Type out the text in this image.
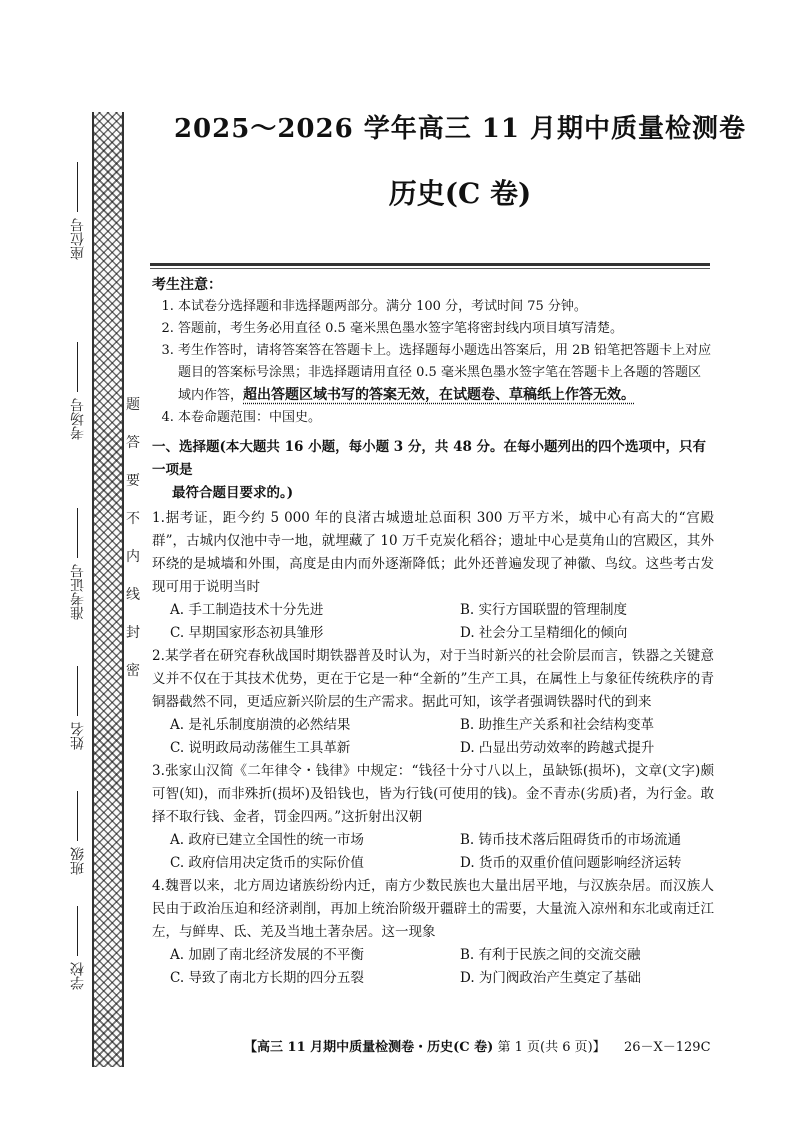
座位号
考场号
准考证号
姓名
班级
学校
密
封
线
内
不
要
答
题
2025～2026 学年高三 11 月期中质量检测卷
历史(C 卷)

考生注意：

1. 本试卷分选择题和非选择题两部分。满分 100 分，考试时间 75 分钟。
2. 答题前，考生务必用直径 0.5 毫米黑色墨水签字笔将密封线内项目填写清楚。
3. 考生作答时，请将答案答在答题卡上。选择题每小题选出答案后，用 2B 铅笔把答题卡上对应题目的答案标号涂黑；非选择题请用直径 0.5 毫米黑色墨水签字笔在答题卡上各题的答题区域内作答，超出答题区域书写的答案无效，在试题卷、草稿纸上作答无效。
4. 本卷命题范围：中国史。

一、选择题(本大题共 16 小题，每小题 3 分，共 48 分。在每小题列出的四个选项中，只有一项是
最符合题目要求的。)

1.据考证，距今约 5 000 年的良渚古城遗址总面积 300 万平方米，城中心有高大的“宫殿群”，古城内仅池中寺一地，就埋藏了 10 万千克炭化稻谷；遗址中心是莫角山的宫殿区，其外环绕的是城墙和外围，高度是由内而外逐渐降低；此外还普遍发现了神徽、鸟纹。这些考古发现可用于说明当时

A. 手工制造技术十分先进	B. 实行方国联盟的管理制度
C. 早期国家形态初具雏形	D. 社会分工呈精细化的倾向

2.某学者在研究春秋战国时期铁器普及时认为，对于当时新兴的社会阶层而言，铁器之关键意义并不仅在于其技术优势，更在于它是一种“全新的”生产工具，在属性上与象征传统秩序的青铜器截然不同，更适应新兴阶层的生产需求。据此可知，该学者强调铁器时代的到来

A. 是礼乐制度崩溃的必然结果	B. 助推生产关系和社会结构变革
C. 说明政局动荡催生工具革新	D. 凸显出劳动效率的跨越式提升

3.张家山汉简《二年律令・钱律》中规定：“钱径十分寸八以上，虽缺铄(损坏)，文章(文字)颇可智(知)，而非殊折(损坏)及铅钱也，皆为行钱(可使用的钱)。金不青赤(劣质)者，为行金。敢择不取行钱、金者，罚金四两。”这折射出汉朝

A. 政府已建立全国性的统一市场	B. 铸币技术落后阻碍货币的市场流通
C. 政府信用决定货币的实际价值	D. 货币的双重价值问题影响经济运转

4.魏晋以来，北方周边诸族纷纷内迁，南方少数民族也大量出居平地，与汉族杂居。而汉族人民由于政治压迫和经济剥削，再加上统治阶级开疆辟土的需要，大量流入凉州和东北或南迁江左，与鲜卑、氐、羌及当地土著杂居。这一现象

A. 加剧了南北经济发展的不平衡	B. 有利于民族之间的交流交融
C. 导致了南北方长期的四分五裂	D. 为门阀政治产生奠定了基础
【高三 11 月期中质量检测卷・历史(C 卷) 第 1 页(共 6 页)】 26－X－129C
